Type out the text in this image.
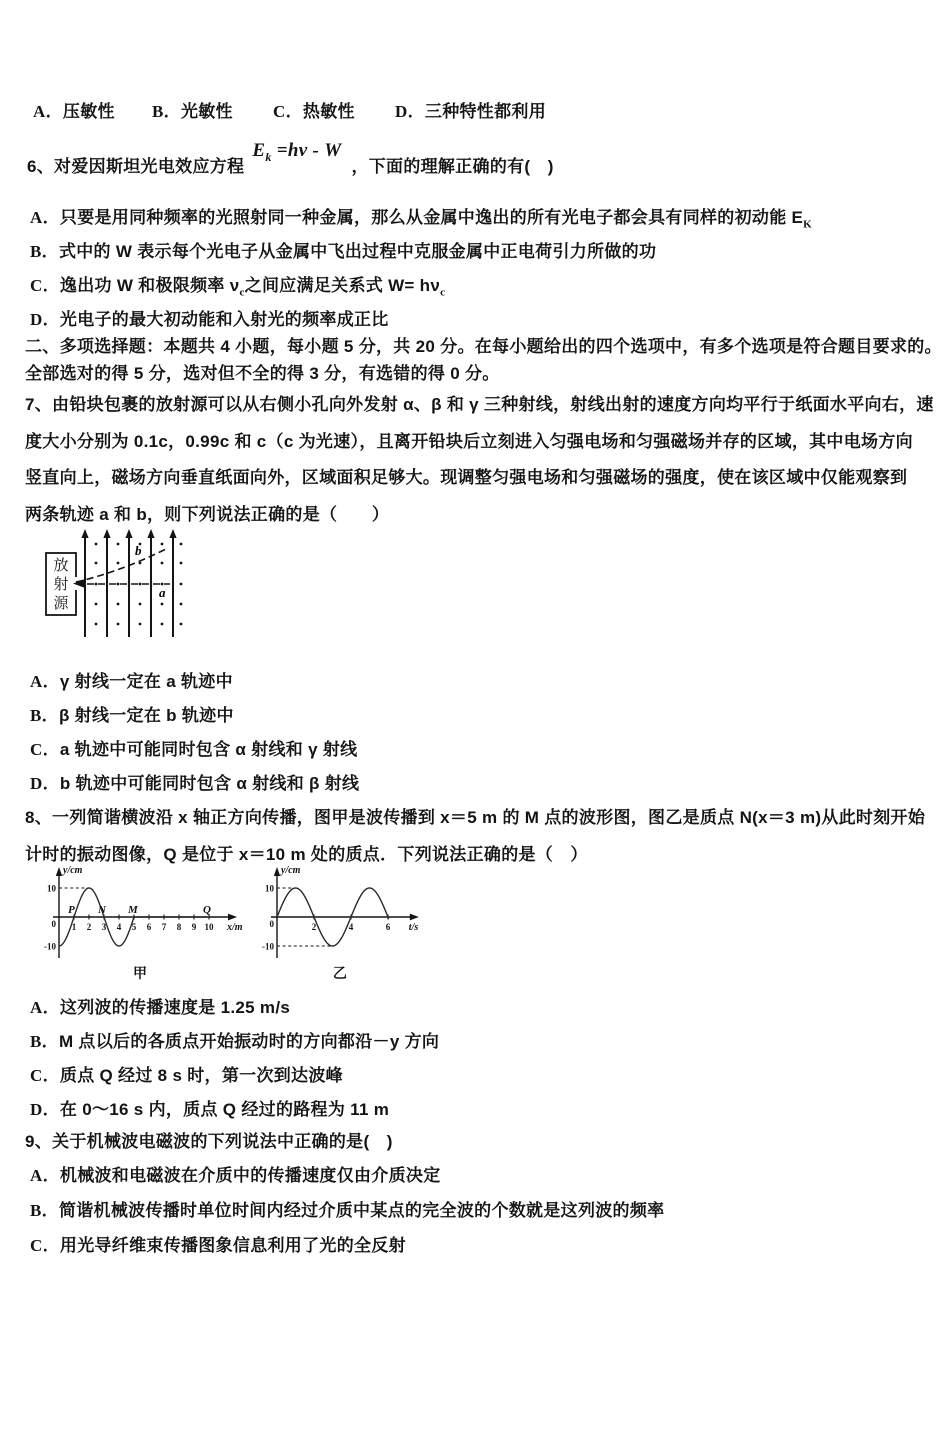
A．压敏性 B．光敏性 C．热敏性 D．三种特性都利用
6、对爱因斯坦光电效应方程
$E_k =h\nu - W$
，下面的理解正确的有(　)
A．只要是用同种频率的光照射同一种金属，那么从金属中逸出的所有光电子都会具有同样的初动能 $E_K$
B．式中的 W 表示每个光电子从金属中飞出过程中克服金属中正电荷引力所做的功
C．逸出功 W 和极限频率 $\nu_c$之间应满足关系式 $W= h\nu_c$
D．光电子的最大初动能和入射光的频率成正比
二、多项选择题：本题共 4 小题，每小题 5 分，共 20 分。在每小题给出的四个选项中，有多个选项是符合题目要求的。
全部选对的得 5 分，选对但不全的得 3 分，有选错的得 0 分。
7、由铅块包裹的放射源可以从右侧小孔向外发射 α、β 和 γ 三种射线，射线出射的速度方向均平行于纸面水平向右，速
度大小分别为 0.1c，0.99c 和 c（c 为光速），且离开铅块后立刻进入匀强电场和匀强磁场并存的区域，其中电场方向
竖直向上，磁场方向垂直纸面向外，区域面积足够大。现调整匀强电场和匀强磁场的强度，使在该区域中仅能观察到
两条轨迹 a 和 b，则下列说法正确的是（　　）
放
射
源
b
a
A．γ 射线一定在 a 轨迹中
B．β 射线一定在 b 轨迹中
C．a 轨迹中可能同时包含 α 射线和 γ 射线
D．b 轨迹中可能同时包含 α 射线和 β 射线
8、一列简谐横波沿 x 轴正方向传播，图甲是波传播到 x＝5 m 的 M 点的波形图，图乙是质点 N(x＝3 m)从此时刻开始
计时的振动图像，Q 是位于 x＝10 m 处的质点．下列说法正确的是（　）
y/cm
x/m
10
0
-10
1 2 3 4 5 6 7 8 9 10
P N M	Q
甲
y/cm
t/s
10
0
-10
2	4	6
乙
A．这列波的传播速度是 1.25 m/s
B．M 点以后的各质点开始振动时的方向都沿－y 方向
C．质点 Q 经过 8 s 时，第一次到达波峰
D．在 0～16 s 内，质点 Q 经过的路程为 11 m
9、关于机械波电磁波的下列说法中正确的是(　)
A．机械波和电磁波在介质中的传播速度仅由介质决定
B．简谐机械波传播时单位时间内经过介质中某点的完全波的个数就是这列波的频率
C．用光导纤维束传播图象信息利用了光的全反射
